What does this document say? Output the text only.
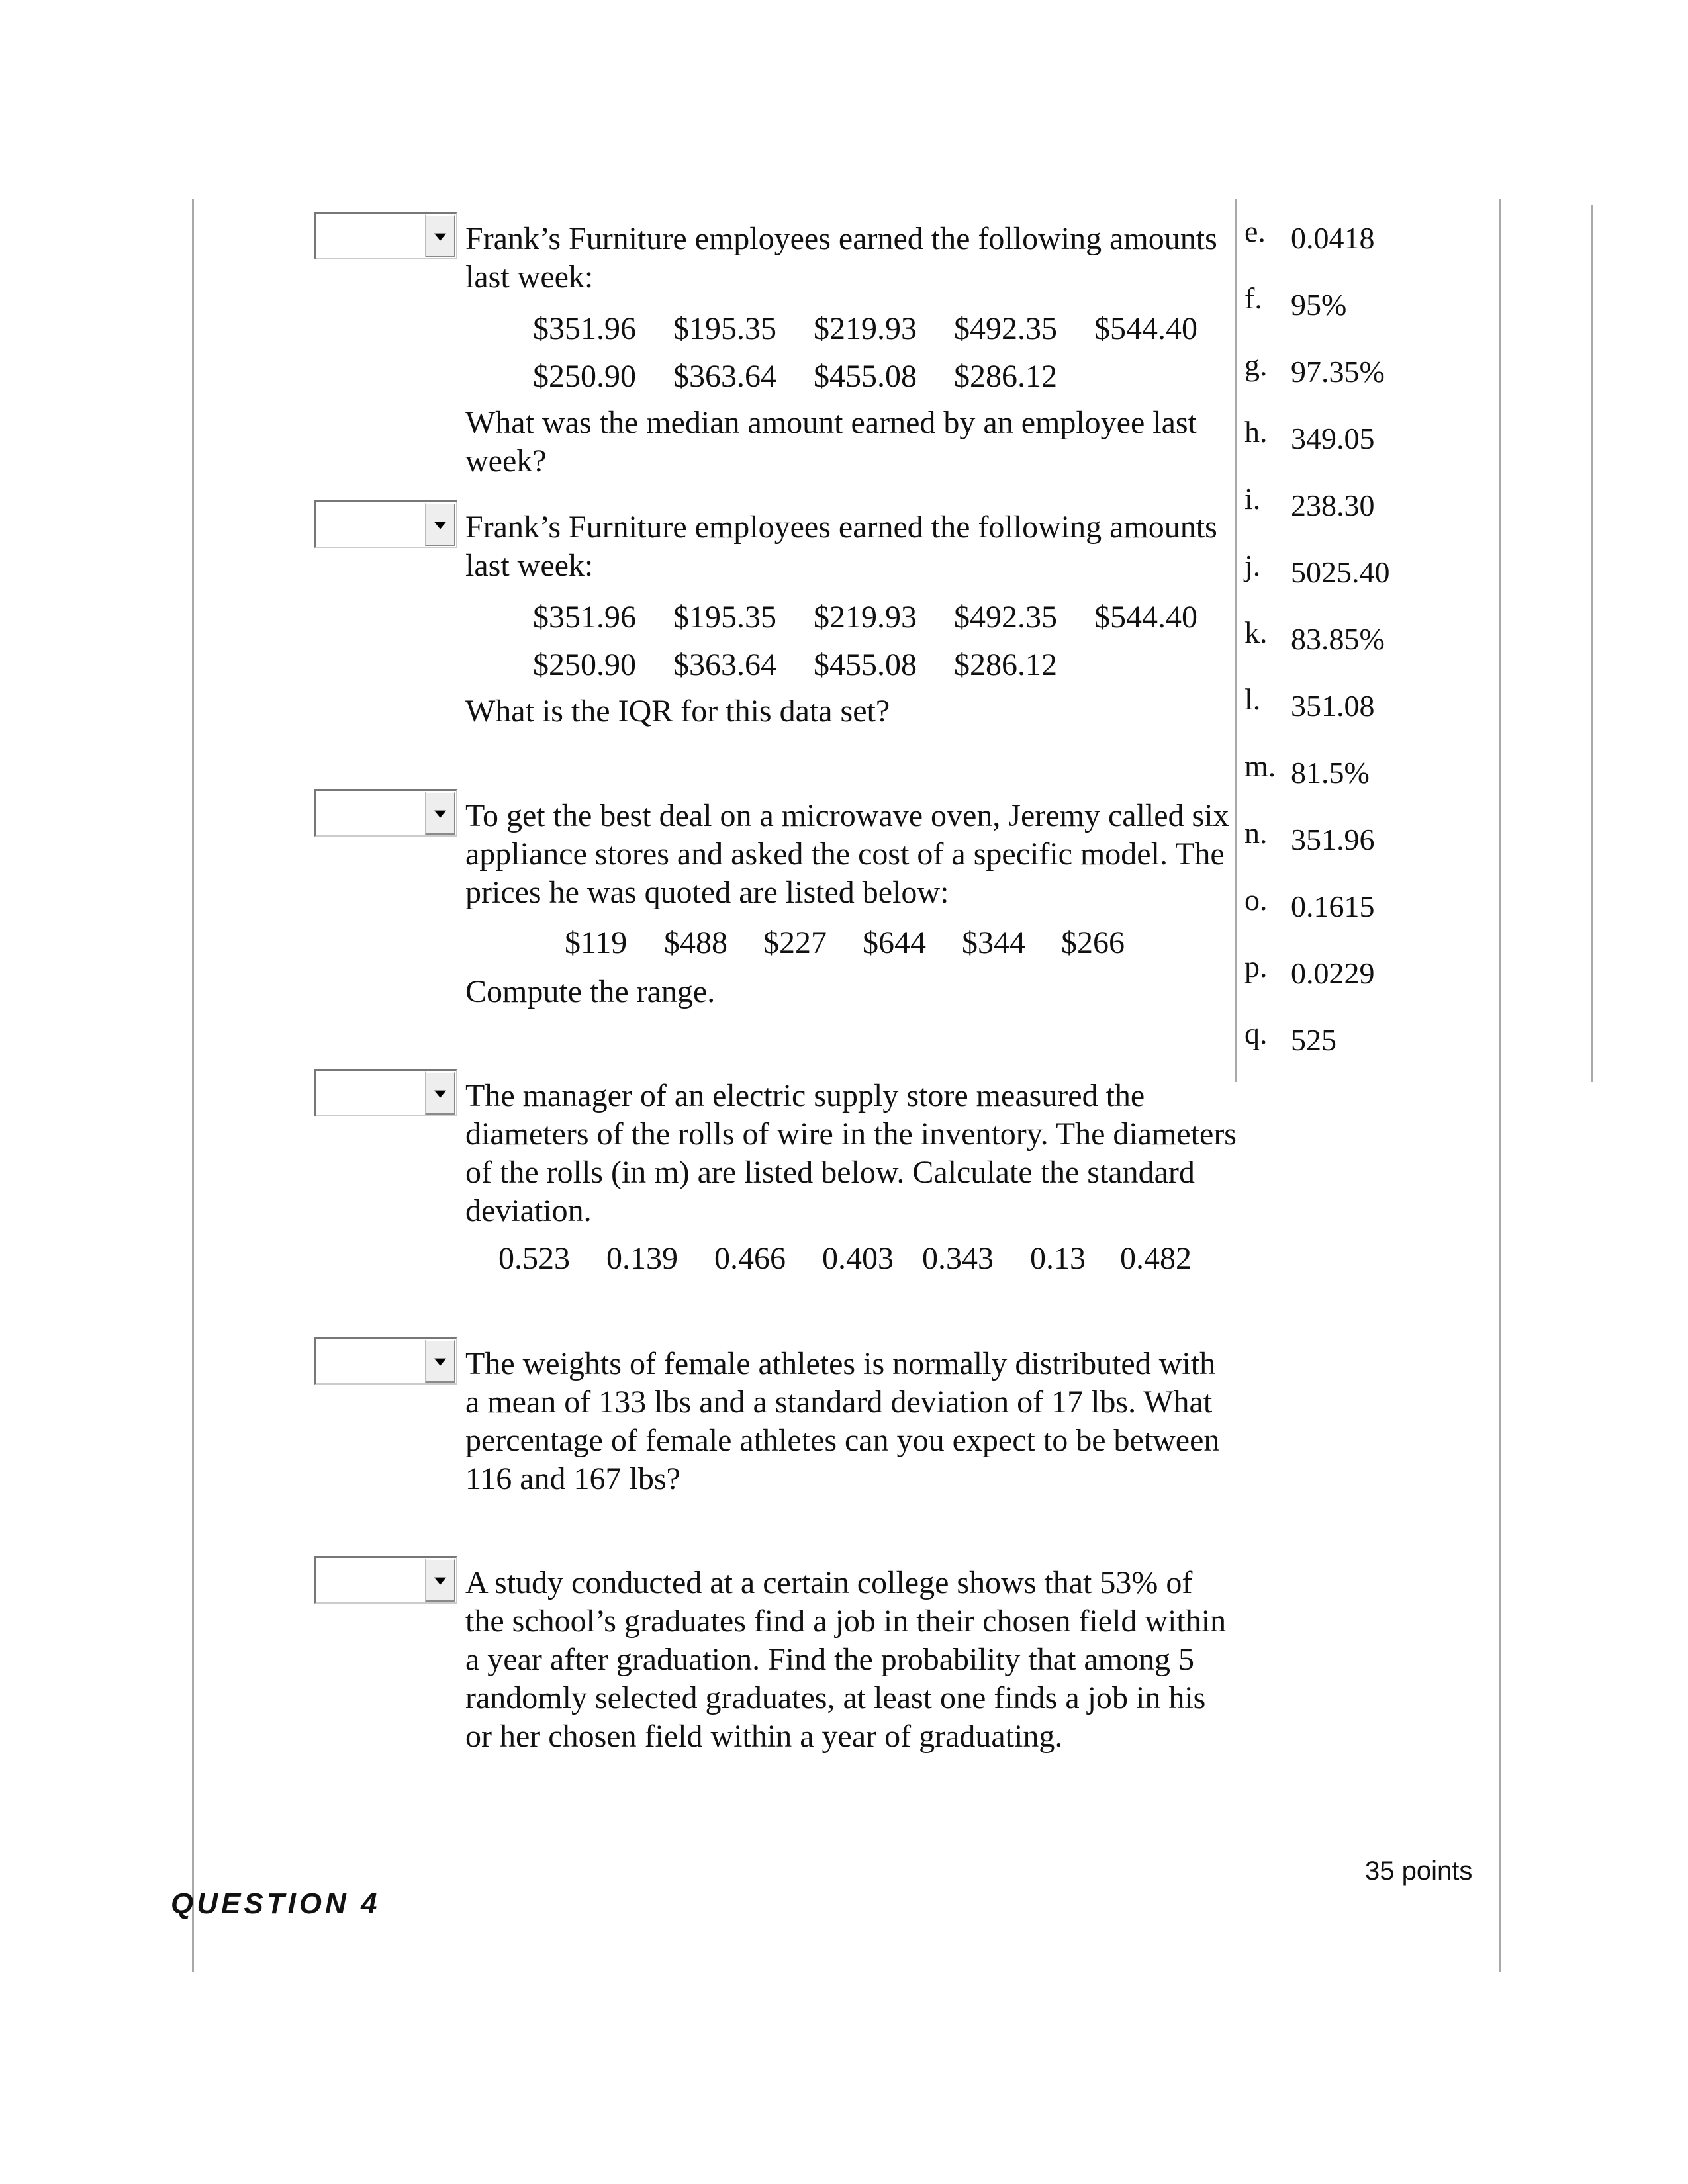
Frank’s Furniture employees earned the following amounts last week:

$351.96

$195.35

$219.93

$492.35

$544.40

$250.90

$363.64

$455.08

$286.12

What was the median amount earned by an employee last week?
Frank’s Furniture employees earned the following amounts last week:

$351.96

$195.35

$219.93

$492.35

$544.40

$250.90

$363.64

$455.08

$286.12

What is the IQR for this data set?
To get the best deal on a microwave oven, Jeremy called six appliance stores and asked the cost of a specific model. The prices he was quoted are listed below:

$119

$488

$227

$644

$344

$266

Compute the range.
The manager of an electric supply store measured the diameters of the rolls of wire in the inventory. The diameters of the rolls (in m) are listed below. Calculate the standard deviation.

0.523

0.139

0.466

0.403

0.343

0.13

0.482

The weights of female athletes is normally distributed with a mean of 133 lbs and a standard deviation of 17 lbs. What percentage of female athletes can you expect to be between 116 and 167 lbs?
A study conducted at a certain college shows that 53% of the school’s graduates find a job in their chosen field within a year after graduation. Find the probability that among 5 randomly selected graduates, at least one finds a job in his or her chosen field within a year of graduating.
e. 0.0418
f. 95%
g. 97.35%
h. 349.05
i. 238.30
j. 5025.40
k. 83.85%
l. 351.08
m. 81.5%
n. 351.96
o. 0.1615
p. 0.0229
q. 525
35 points
QUESTION 4
